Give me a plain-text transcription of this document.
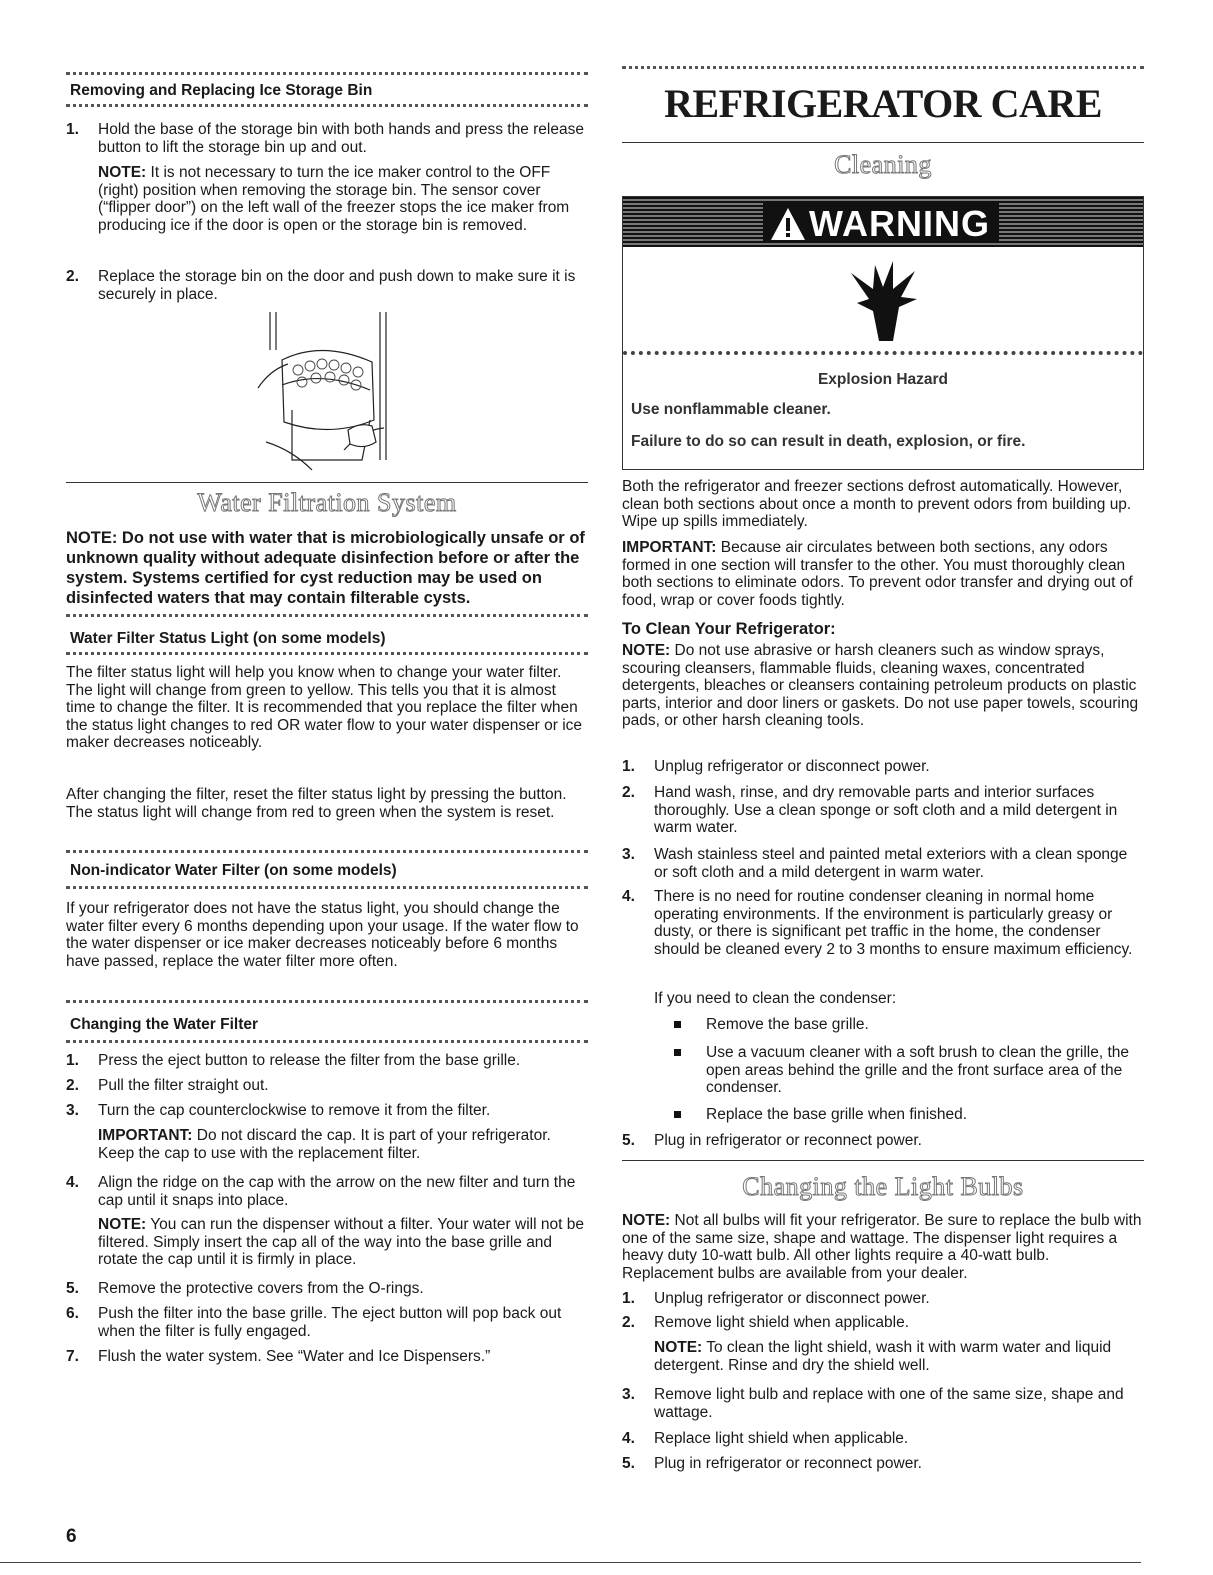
Removing and Replacing Ice Storage Bin
1. Hold the base of the storage bin with both hands and press the release button to lift the storage bin up and out.

NOTE: It is not necessary to turn the ice maker control to the OFF (right) position when removing the storage bin. The sensor cover (“flipper door”) on the left wall of the freezer stops the ice maker from producing ice if the door is open or the storage bin is removed.
2. Replace the storage bin on the door and push down to make sure it is securely in place.

Water Filtration System

NOTE: Do not use with water that is microbiologically unsafe or of unknown quality without adequate disinfection before or after the system. Systems certified for cyst reduction may be used on disinfected waters that may contain filterable cysts.

Water Filter Status Light (on some models)

The filter status light will help you know when to change your water filter. The light will change from green to yellow. This tells you that it is almost time to change the filter. It is recommended that you replace the filter when the status light changes to red OR water flow to your water dispenser or ice maker decreases noticeably.

After changing the filter, reset the filter status light by pressing the button. The status light will change from red to green when the system is reset.

Non-indicator Water Filter (on some models)

If your refrigerator does not have the status light, you should change the water filter every 6 months depending upon your usage. If the water flow to the water dispenser or ice maker decreases noticeably before 6 months have passed, replace the water filter more often.

Changing the Water Filter
1. Press the eject button to release the filter from the base grille.

2. Pull the filter straight out.

3. Turn the cap counterclockwise to remove it from the filter.

IMPORTANT: Do not discard the cap. It is part of your refrigerator. Keep the cap to use with the replacement filter.
4. Align the ridge on the cap with the arrow on the new filter and turn the cap until it snaps into place.

NOTE: You can run the dispenser without a filter. Your water will not be filtered. Simply insert the cap all of the way into the base grille and rotate the cap until it is firmly in place.
5. Remove the protective covers from the O-rings.

6. Push the filter into the base grille. The eject button will pop back out when the filter is fully engaged.

7. Flush the water system. See “Water and Ice Dispensers.”

6
REFRIGERATOR CARE
Cleaning
WARNING
Explosion Hazard
Use nonflammable cleaner.
Failure to do so can result in death, explosion, or fire.

Both the refrigerator and freezer sections defrost automatically. However, clean both sections about once a month to prevent odors from building up. Wipe up spills immediately.

IMPORTANT: Because air circulates between both sections, any odors formed in one section will transfer to the other. You must thoroughly clean both sections to eliminate odors. To prevent odor transfer and drying out of food, wrap or cover foods tightly.

To Clean Your Refrigerator:

NOTE: Do not use abrasive or harsh cleaners such as window sprays, scouring cleansers, flammable fluids, cleaning waxes, concentrated detergents, bleaches or cleansers containing petroleum products on plastic parts, interior and door liners or gaskets. Do not use paper towels, scouring pads, or other harsh cleaning tools.

1. Unplug refrigerator or disconnect power.

2. Hand wash, rinse, and dry removable parts and interior surfaces thoroughly. Use a clean sponge or soft cloth and a mild detergent in warm water.

3. Wash stainless steel and painted metal exteriors with a clean sponge or soft cloth and a mild detergent in warm water.

4. There is no need for routine condenser cleaning in normal home operating environments. If the environment is particularly greasy or dusty, or there is significant pet traffic in the home, the condenser should be cleaned every 2 to 3 months to ensure maximum efficiency.

If you need to clean the condenser:

Remove the base grille.

Use a vacuum cleaner with a soft brush to clean the grille, the open areas behind the grille and the front surface area of the condenser.

Replace the base grille when finished.

5. Plug in refrigerator or reconnect power.

Changing the Light Bulbs

NOTE: Not all bulbs will fit your refrigerator. Be sure to replace the bulb with one of the same size, shape and wattage. The dispenser light requires a heavy duty 10-watt bulb. All other lights require a 40-watt bulb. Replacement bulbs are available from your dealer.

1. Unplug refrigerator or disconnect power.

2. Remove light shield when applicable.

NOTE: To clean the light shield, wash it with warm water and liquid detergent. Rinse and dry the shield well.
3. Remove light bulb and replace with one of the same size, shape and wattage.

4. Replace light shield when applicable.

5. Plug in refrigerator or reconnect power.
